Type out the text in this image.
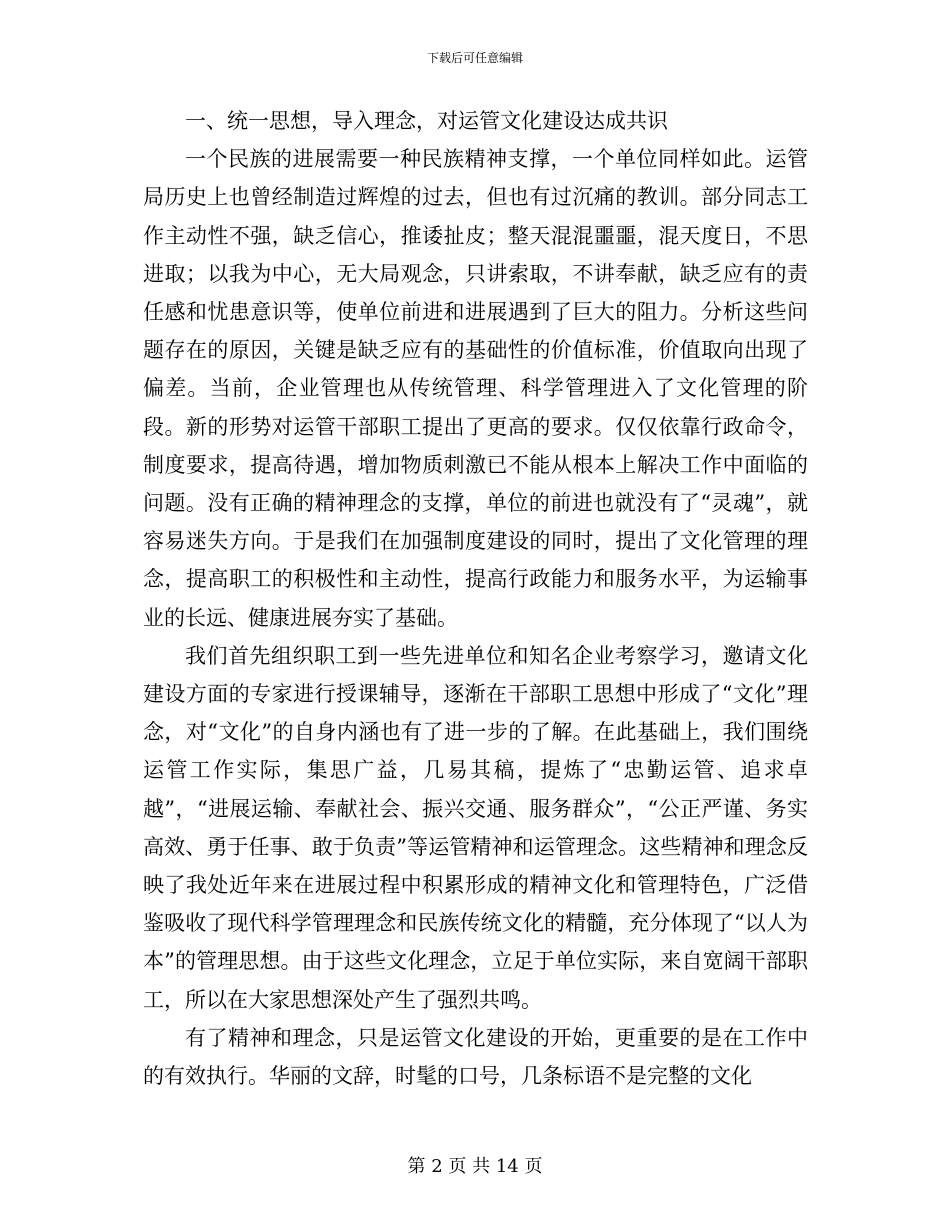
下载后可任意编辑

一、统一思想，导入理念，对运管文化建设达成共识

一个民族的进展需要一种民族精神支撑，一个单位同样如此。运管局历史上也曾经制造过辉煌的过去，但也有过沉痛的教训。部分同志工作主动性不强，缺乏信心，推诿扯皮；整天混混噩噩，混天度日，不思进取；以我为中心，无大局观念，只讲索取，不讲奉献，缺乏应有的责任感和忧患意识等，使单位前进和进展遇到了巨大的阻力。分析这些问题存在的原因，关键是缺乏应有的基础性的价值标准，价值取向出现了偏差。当前，企业管理也从传统管理、科学管理进入了文化管理的阶段。新的形势对运管干部职工提出了更高的要求。仅仅依靠行政命令，制度要求，提高待遇，增加物质刺激已不能从根本上解决工作中面临的问题。没有正确的精神理念的支撑，单位的前进也就没有了“灵魂”，就容易迷失方向。于是我们在加强制度建设的同时，提出了文化管理的理念，提高职工的积极性和主动性，提高行政能力和服务水平，为运输事业的长远、健康进展夯实了基础。

我们首先组织职工到一些先进单位和知名企业考察学习，邀请文化建设方面的专家进行授课辅导，逐渐在干部职工思想中形成了“文化”理念，对“文化”的自身内涵也有了进一步的了解。在此基础上，我们围绕运管工作实际，集思广益，几易其稿，提炼了“忠勤运管、追求卓越”，“进展运输、奉献社会、振兴交通、服务群众”，“公正严谨、务实高效、勇于任事、敢于负责”等运管精神和运管理念。这些精神和理念反映了我处近年来在进展过程中积累形成的精神文化和管理特色，广泛借鉴吸收了现代科学管理理念和民族传统文化的精髓，充分体现了“以人为本”的管理思想。由于这些文化理念，立足于单位实际，来自宽阔干部职工，所以在大家思想深处产生了强烈共鸣。

有了精神和理念，只是运管文化建设的开始，更重要的是在工作中的有效执行。华丽的文辞，时髦的口号，几条标语不是完整的文化

第 2 页 共 14 页
